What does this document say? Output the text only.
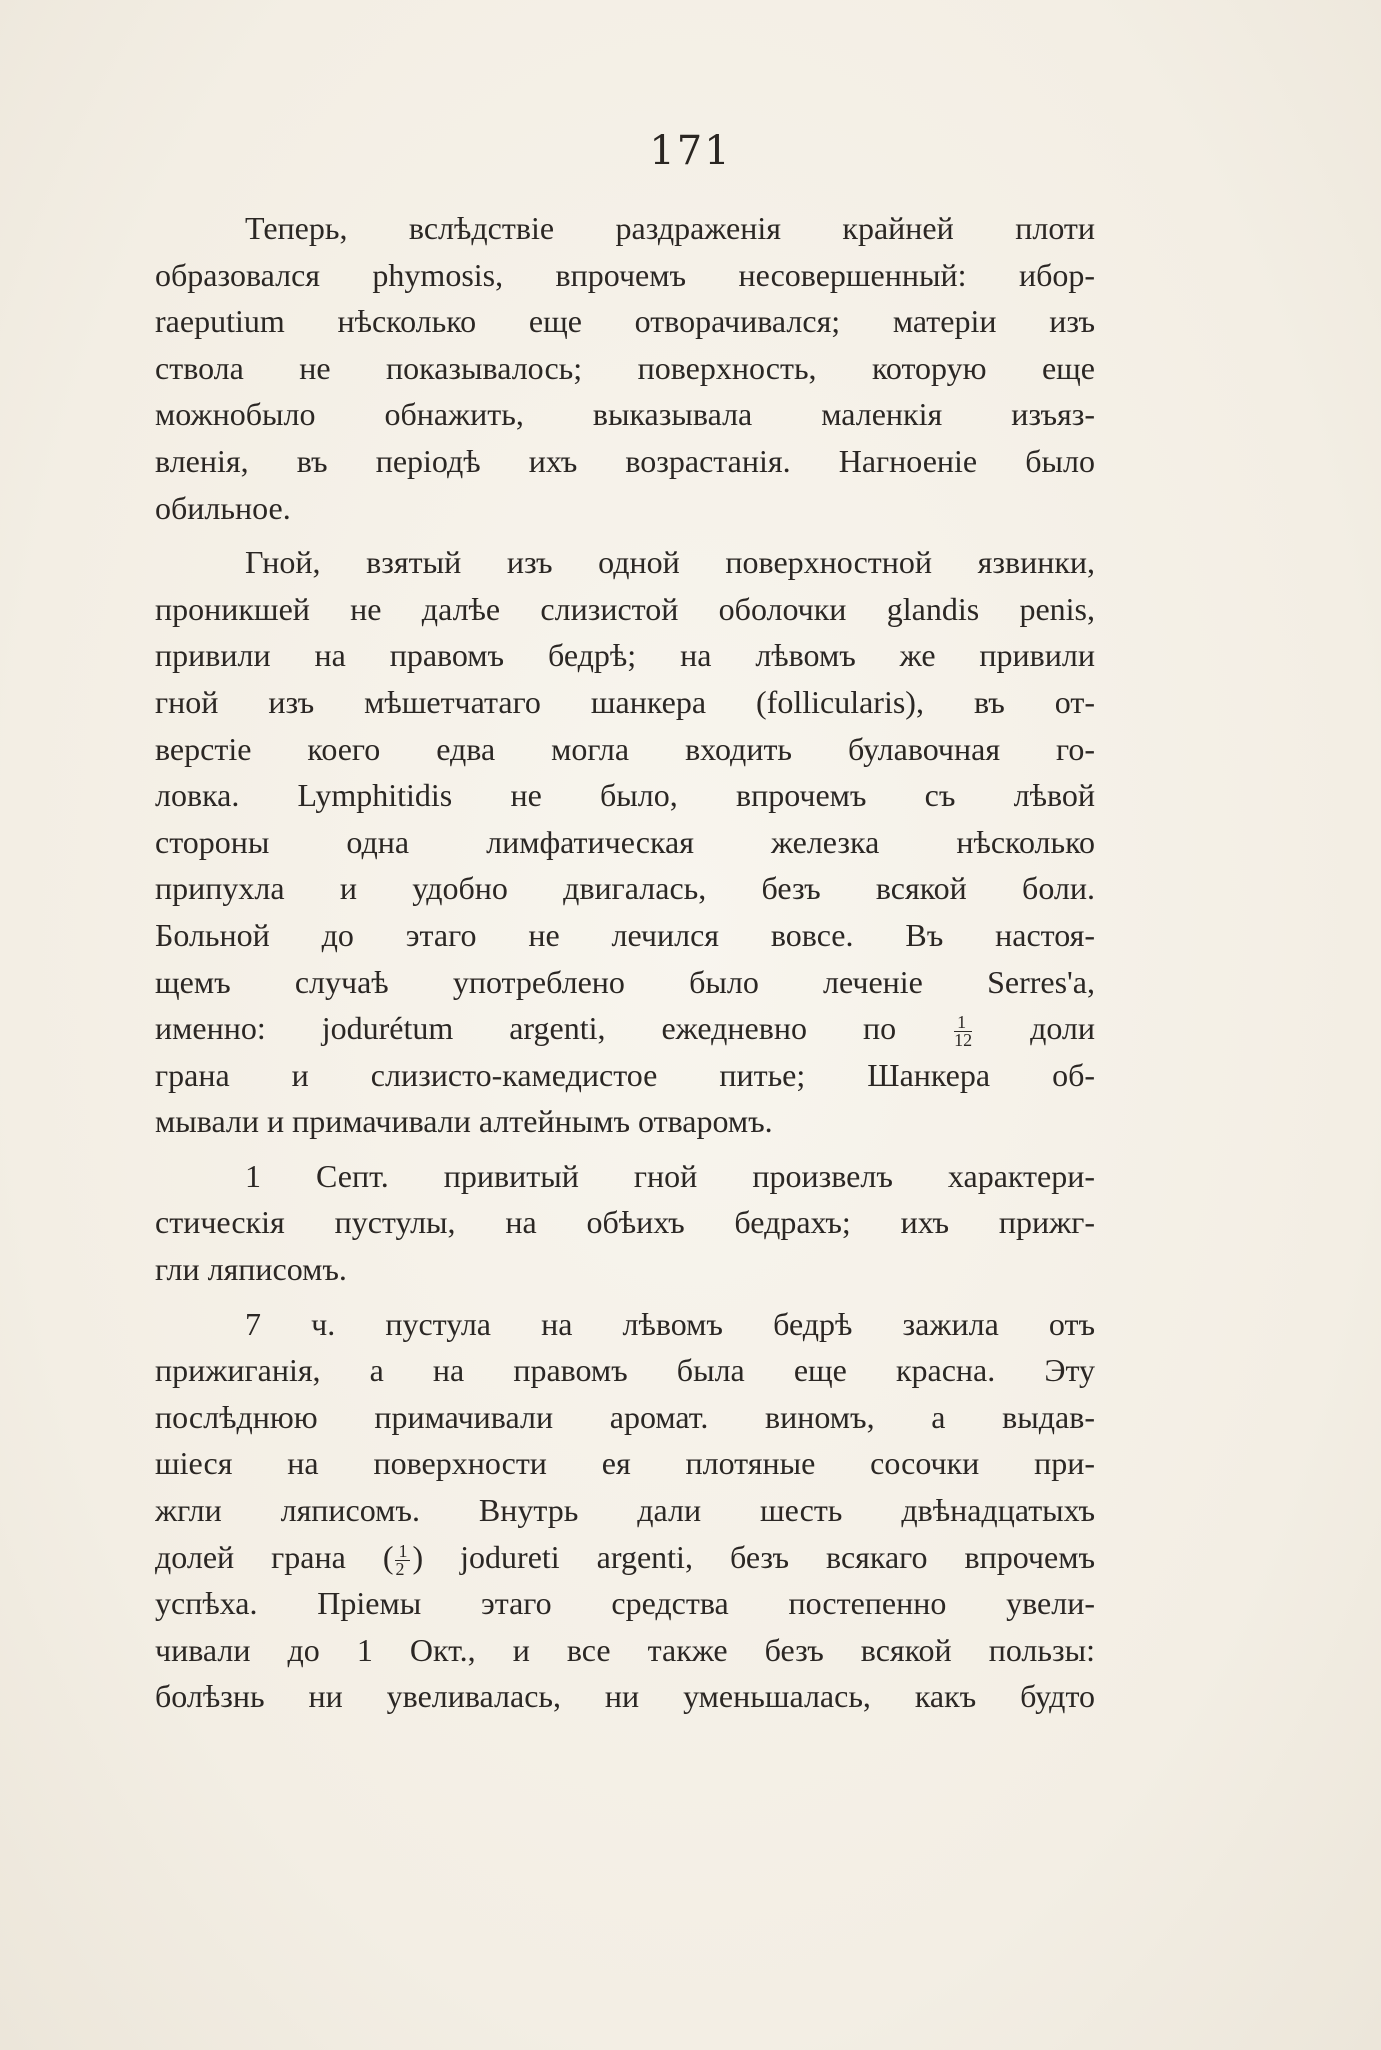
171
Теперь, вслѣдствіе раздраженія крайней плоти
образовался phymosis, впрочемъ несовершенный: ибор-
raeputium нѣсколько еще отворачивался; матеріи изъ
ствола не показывалось; поверхность, которую еще
можнобыло обнажить, выказывала маленкія изъяз-
вленія, въ періодѣ ихъ возрастанія. Нагноеніе было
обильное.
Гной, взятый изъ одной поверхностной язвинки,
проникшей не далѣе слизистой оболочки glandis penis,
привили на правомъ бедрѣ; на лѣвомъ же привили
гной изъ мѣшетчатаго шанкера (follicularis), въ от-
верстіе коего едва могла входить булавочная го-
ловка. Lymphitidis не было, впрочемъ съ лѣвой
стороны одна лимфатическая железка нѣсколько
припухла и удобно двигалась, безъ всякой боли.
Больной до этаго не лечился вовсе. Въ настоя-
щемъ случаѣ употреблено было леченіе Serres'a,
именно: jodurétum argenti, ежедневно по	$\frac{1}{12}$ доли
грана и слизисто-камедистое питье; Шанкера об-
мывали и примачивали алтейнымъ отваромъ.
1 Септ. привитый гной произвелъ характери-
стическія пустулы, на обѣихъ бедрахъ; ихъ прижг-
гли ляписомъ.
7 ч. пустула на лѣвомъ бедрѣ зажила отъ
прижиганія, а на правомъ была еще красна. Эту
послѣднюю примачивали аромат. виномъ, а выдав-
шіеся на поверхности ея плотяные сосочки при-
жгли ляписомъ. Внутрь дали шесть двѣнадцатыхъ
долей грана ( $\frac{1}{2}$ ) jodureti argenti, безъ всякаго впрочемъ
успѣха. Пріемы этаго средства постепенно увели-
чивали до 1 Окт., и все также безъ всякой пользы:
болѣзнь ни увеливалась, ни уменьшалась, какъ будто
